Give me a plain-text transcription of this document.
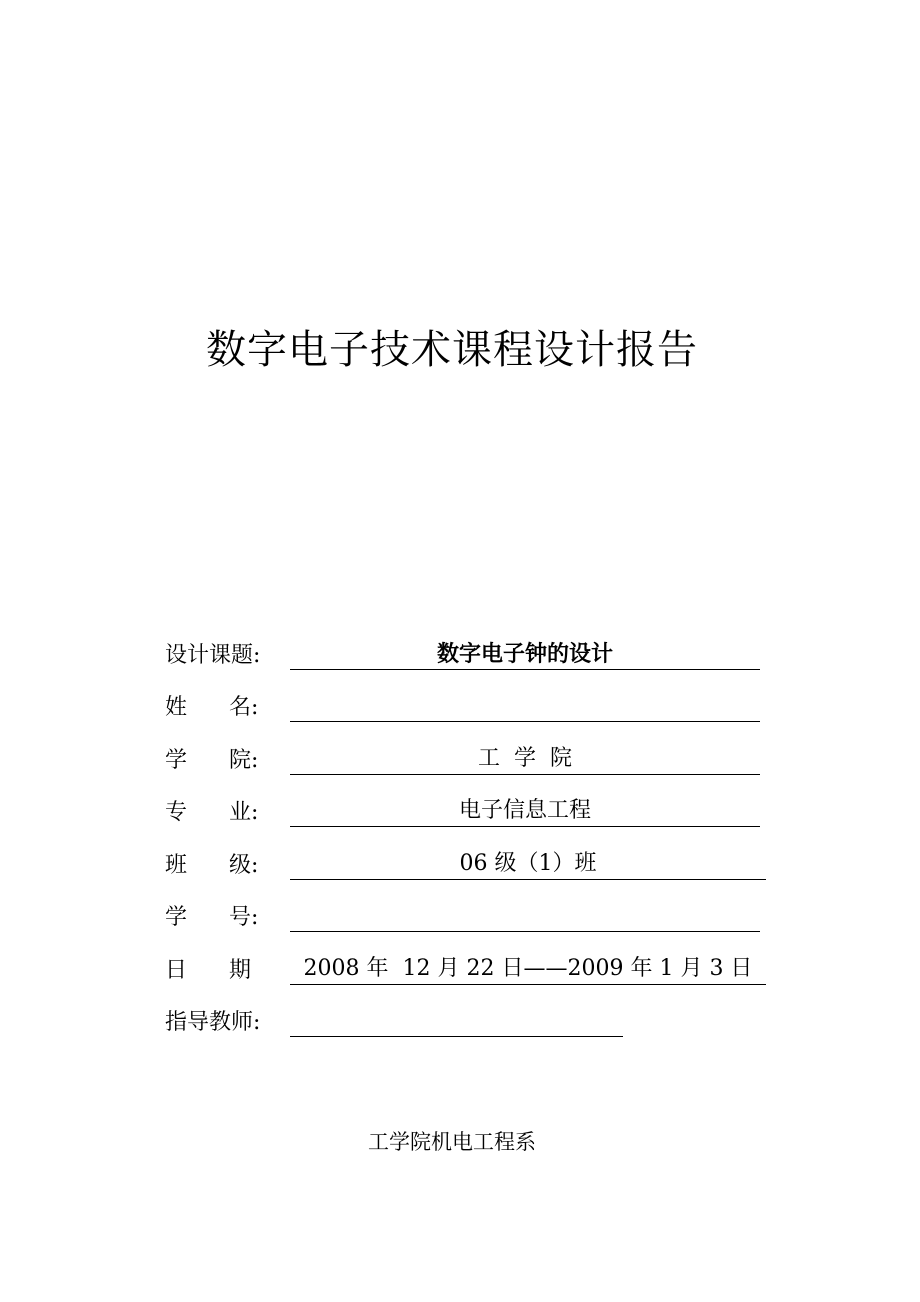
数字电子技术课程设计报告
设计课题:	数字电子钟的设计
姓      名:
学      院:	工  学  院
专      业:	电子信息工程
班      级:	06 级（1）班
学      号:
日      期	2008 年  12 月 22 日——2009 年 1 月 3 日
指导教师:
工学院机电工程系
